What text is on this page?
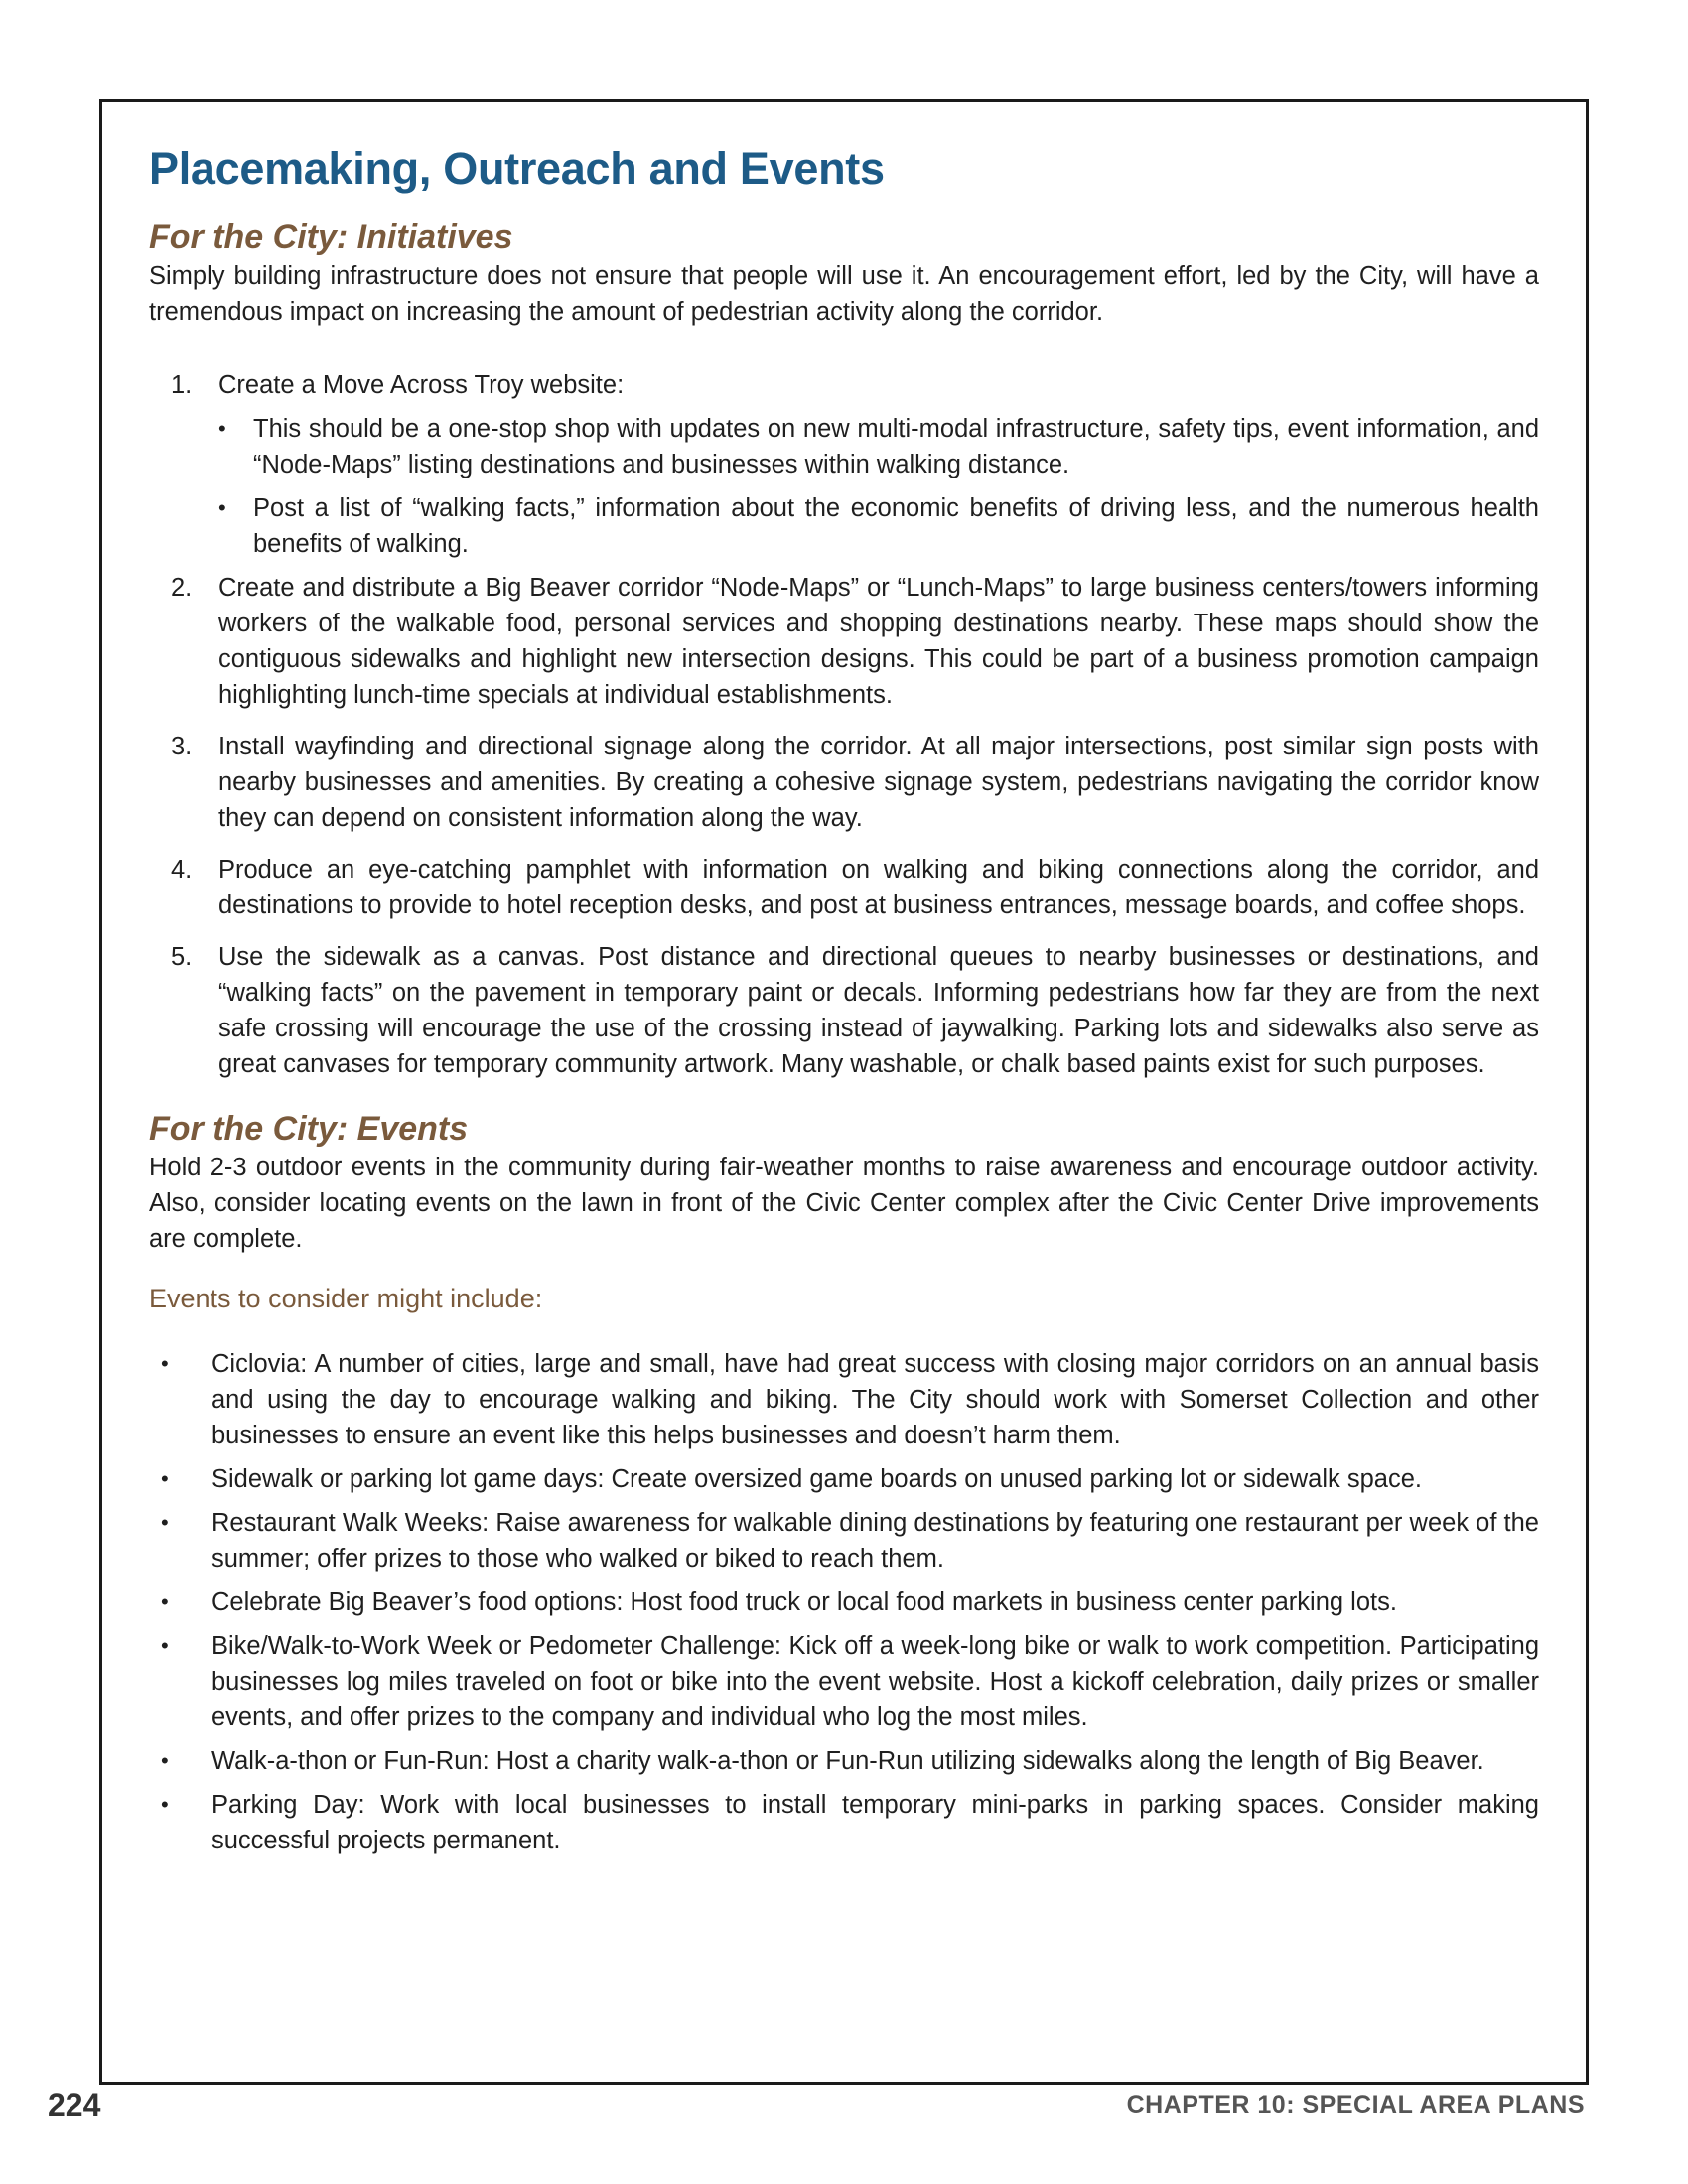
Placemaking, Outreach and Events
For the City: Initiatives

Simply building infrastructure does not ensure that people will use it. An encouragement effort, led by the City, will have a tremendous impact on increasing the amount of pedestrian activity along the corridor.

1. Create a Move Across Troy website:

• This should be a one-stop shop with updates on new multi-modal infrastructure, safety tips, event information, and “Node-Maps” listing destinations and businesses within walking distance.

• Post a list of “walking facts,” information about the economic benefits of driving less, and the numerous health benefits of walking.

2. Create and distribute a Big Beaver corridor “Node-Maps” or “Lunch-Maps” to large business centers/towers informing workers of the walkable food, personal services and shopping destinations nearby. These maps should show the contiguous sidewalks and highlight new intersection designs. This could be part of a business promotion campaign highlighting lunch-time specials at individual establishments.

3. Install wayfinding and directional signage along the corridor. At all major intersections, post similar sign posts with nearby businesses and amenities. By creating a cohesive signage system, pedestrians navigating the corridor know they can depend on consistent information along the way.

4. Produce an eye-catching pamphlet with information on walking and biking connections along the corridor, and destinations to provide to hotel reception desks, and post at business entrances, message boards, and coffee shops.

5. Use the sidewalk as a canvas. Post distance and directional queues to nearby businesses or destinations, and “walking facts” on the pavement in temporary paint or decals. Informing pedestrians how far they are from the next safe crossing will encourage the use of the crossing instead of jaywalking. Parking lots and sidewalks also serve as great canvases for temporary community artwork. Many washable, or chalk based paints exist for such purposes.

For the City: Events

Hold 2-3 outdoor events in the community during fair-weather months to raise awareness and encourage outdoor activity. Also, consider locating events on the lawn in front of the Civic Center complex after the Civic Center Drive improvements are complete.

Events to consider might include:

• Ciclovia: A number of cities, large and small, have had great success with closing major corridors on an annual basis and using the day to encourage walking and biking. The City should work with Somerset Collection and other businesses to ensure an event like this helps businesses and doesn’t harm them.

• Sidewalk or parking lot game days: Create oversized game boards on unused parking lot or sidewalk space.

• Restaurant Walk Weeks: Raise awareness for walkable dining destinations by featuring one restaurant per week of the summer; offer prizes to those who walked or biked to reach them.

• Celebrate Big Beaver’s food options: Host food truck or local food markets in business center parking lots.

• Bike/Walk-to-Work Week or Pedometer Challenge: Kick off a week-long bike or walk to work competition. Participating businesses log miles traveled on foot or bike into the event website. Host a kickoff celebration, daily prizes or smaller events, and offer prizes to the company and individual who log the most miles.

• Walk-a-thon or Fun-Run: Host a charity walk-a-thon or Fun-Run utilizing sidewalks along the length of Big Beaver.

• Parking Day: Work with local businesses to install temporary mini-parks in parking spaces. Consider making successful projects permanent.

224	CHAPTER 10: SPECIAL AREA PLANS
